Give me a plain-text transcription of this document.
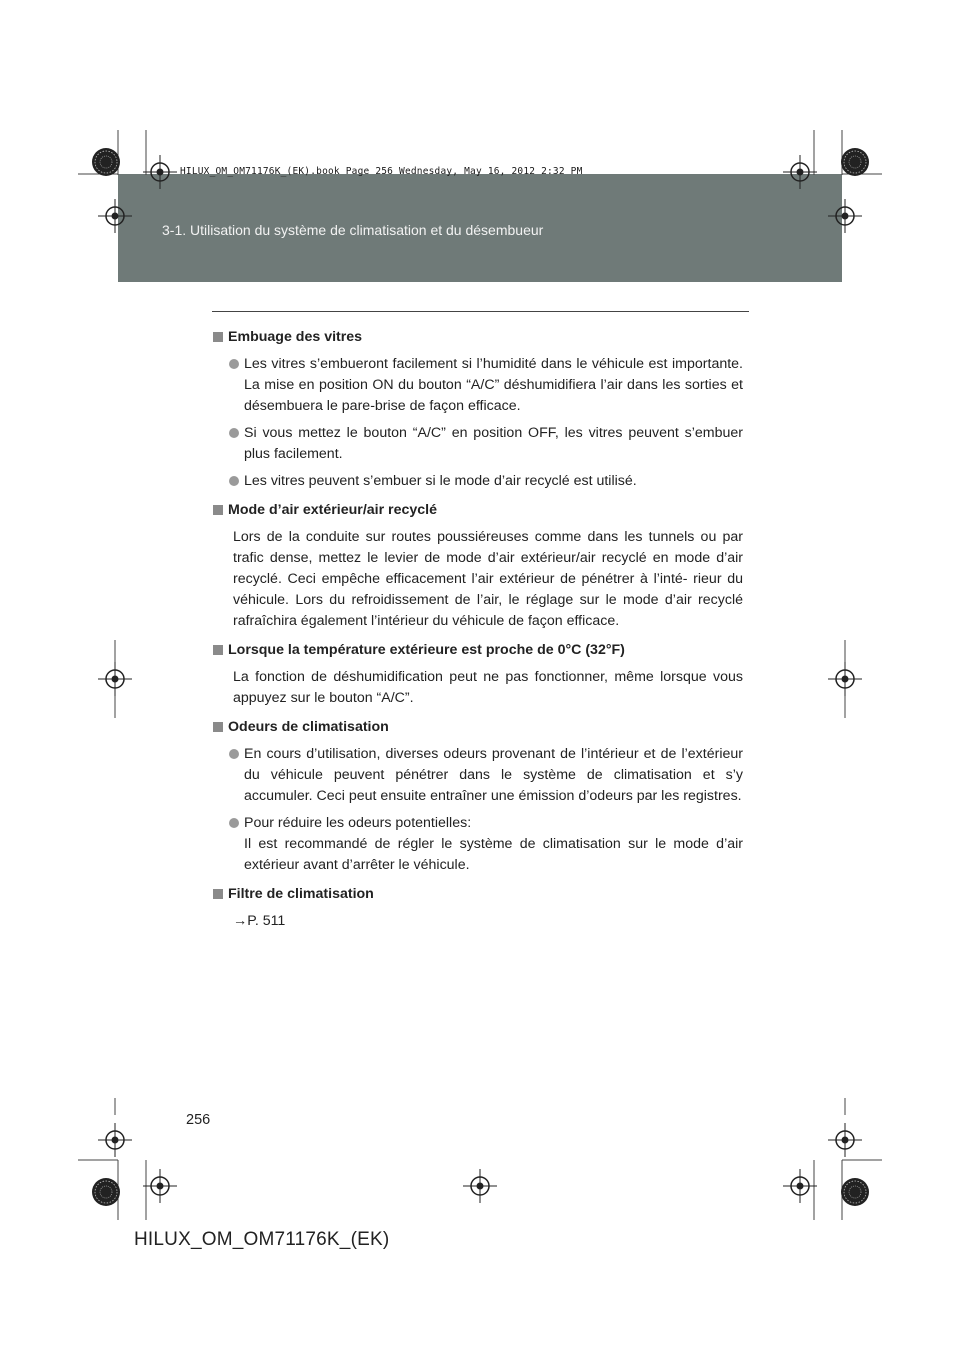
3-1. Utilisation du système de climatisation et du désembueur
HILUX_OM_OM71176K_(EK).book Page 256 Wednesday, May 16, 2012 2:32 PM
Embuage des vitres
Les vitres s’embueront facilement si l’humidité dans le véhicule est importante. La mise en position ON du bouton “A/C” déshumidifiera l’air dans les sorties et désembuera le pare-brise de façon efficace.
Si vous mettez le bouton “A/C” en position OFF, les vitres peuvent s’embuer plus facilement.
Les vitres peuvent s’embuer si le mode d’air recyclé est utilisé.
Mode d’air extérieur/air recyclé
Lors de la conduite sur routes poussiéreuses comme dans les tunnels ou par trafic dense, mettez le levier de mode d’air extérieur/air recyclé en mode d’air recyclé. Ceci empêche efficacement l’air extérieur de pénétrer à l’inté- rieur du véhicule. Lors du refroidissement de l’air, le réglage sur le mode d’air recyclé rafraîchira également l’intérieur du véhicule de façon efficace.
Lorsque la température extérieure est proche de 0°C (32°F)
La fonction de déshumidification peut ne pas fonctionner, même lorsque vous appuyez sur le bouton “A/C”.
Odeurs de climatisation
En cours d’utilisation, diverses odeurs provenant de l’intérieur et de l’extérieur du véhicule peuvent pénétrer dans le système de climatisation et s’y accumuler. Ceci peut ensuite entraîner une émission d’odeurs par les registres.
Pour réduire les odeurs potentielles:
Il est recommandé de régler le système de climatisation sur le mode d’air extérieur avant d’arrêter le véhicule.
Filtre de climatisation
→P. 511
256
HILUX_OM_OM71176K_(EK)
